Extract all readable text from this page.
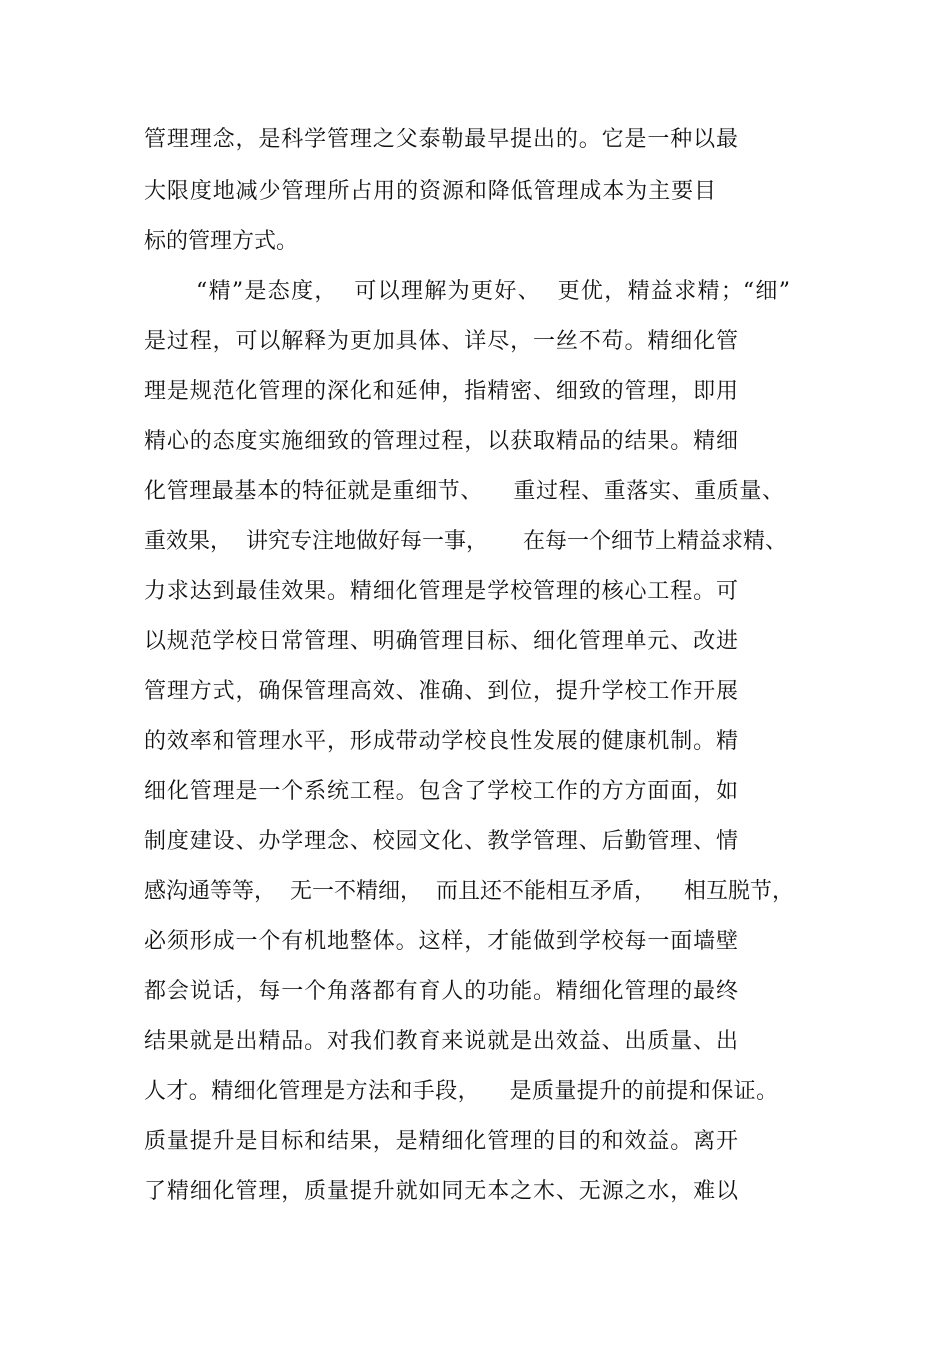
管理理念，是科学管理之父泰勒最早提出的。它是一种以最
大限度地减少管理所占用的资源和降低管理成本为主要目
标的管理方式。
“精”是态度，  可以理解为更好、  更优，精益求精；“细”
是过程，可以解释为更加具体、详尽，一丝不苟。精细化管
理是规范化管理的深化和延伸，指精密、细致的管理，即用
精心的态度实施细致的管理过程，以获取精品的结果。精细
化管理最基本的特征就是重细节、    重过程、重落实、重质量、
重效果，  讲究专注地做好每一事，     在每一个细节上精益求精、
力求达到最佳效果。精细化管理是学校管理的核心工程。可
以规范学校日常管理、明确管理目标、细化管理单元、改进
管理方式，确保管理高效、准确、到位，提升学校工作开展
的效率和管理水平，形成带动学校良性发展的健康机制。精
细化管理是一个系统工程。包含了学校工作的方方面面，如
制度建设、办学理念、校园文化、教学管理、后勤管理、情
感沟通等等，  无一不精细，  而且还不能相互矛盾，    相互脱节，
必须形成一个有机地整体。这样，才能做到学校每一面墙壁
都会说话，每一个角落都有育人的功能。精细化管理的最终
结果就是出精品。对我们教育来说就是出效益、出质量、出
人才。精细化管理是方法和手段，    是质量提升的前提和保证。
质量提升是目标和结果，是精细化管理的目的和效益。离开
了精细化管理，质量提升就如同无本之木、无源之水，难以
